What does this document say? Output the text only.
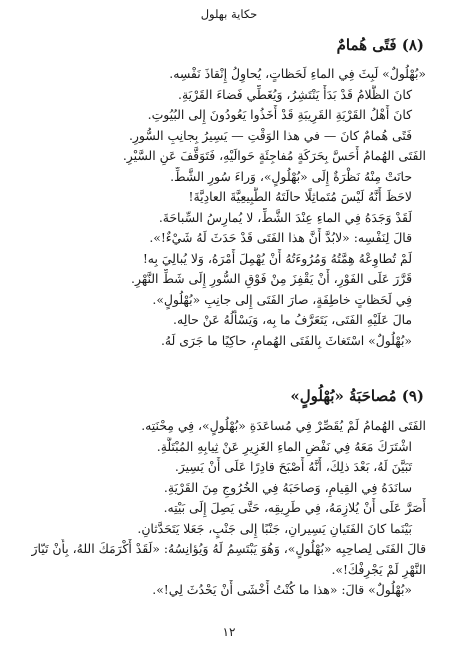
حكاية بهلول
(٨) فَتًى هُمامٌ
«بُهْلُولٌ» لَبِثَ فِي الماءِ لَحَظاتٍ، يُحاوِلُ إِنْقاذَ نَفْسِه.
كانَ الظَّلامُ قَدْ بَدَأَ يَنْتَشِرُ، وَيُغَطِّي فَضاءَ القَرْيَةِ.
كانَ أَهْلُ القَرْيَةِ القَرِيبَةِ قَدْ أَخَذُوا يَعُودُونَ إِلى البُيُوتِ.
فَتًى هُمامٌ كانَ — في هذا الوَقْتِ — يَسِيرُ بِجانِبِ السُّورِ.
الفَتَى الهُمامُ أَحَسَّ بِحَرَكَةٍ مُفاجِئَةٍ حَوالَيْهِ، فَتَوَقَّفَ عَنِ السَّيْرِ.
حانَتْ مِنْهُ نَظْرَةٌ إِلَى «بُهْلُولٍ»، وَراءَ سُورِ الشَّطِّ.
لاحَظَ أَنَّهُ لَيْسَ مُتَماثِلًا حالَتَهُ الطَّبِيعِيَّةَ العادِيَّةَ!
لَقَدْ وَجَدَهُ فِي الماءِ عِنْدَ الشَّطِّ، لا يُمارِسُ السِّباحَةَ.
قالَ لِنَفْسِه: «لابُدَّ أَنَّ هذا الفَتَى قَدْ حَدَثَ لَهُ شَيْءٌ!».
لَمْ تُطاوِعْهُ هِمَّتُهُ وَمُرُوءَتُهُ أَنْ يُهْمِلَ أَمْرَهُ، وَلا يُبالِيَ بِه!
قَرَّرَ عَلَى الفَوْرِ، أَنْ يَقْفِزَ مِنْ فَوْقِ السُّورِ إِلَى شَطِّ النَّهْرِ.
فِي لَحَظاتٍ خاطِفَةٍ، صارَ الفَتَى إِلى جانِبِ «بُهْلُولٍ».
مالَ عَلَيْهِ الفَتَى، يَتَعَرَّفُ ما بِه، وَيَسْأَلُهُ عَنْ حالِه.
«بُهْلُولٌ» اسْتَغاثَ بِالفَتَى الهُمامِ، حاكِيًا ما جَرَى لَهُ.
(٩) مُصاحَبَةُ «بُهْلُولٍ»
الفَتَى الهُمامُ لَمْ يُقَصِّرْ فِي مُساعَدَةِ «بُهْلُولٍ»، فِي مِحْنَتِه.
اشْتَرَكَ مَعَهُ فِي نَفْضِ الماءِ الغَزِيرِ عَنْ ثِيابِهِ المُبْتَلَّةِ.
تَبَيَّنَ لَهُ، بَعْدَ ذلِكَ، أَنَّهُ أَصْبَحَ قادِرًا عَلَى أَنْ يَسِيرَ.
سانَدَهُ فِي القِيامِ، وَصاحَبَهُ فِي الخُرُوجِ مِنَ القَرْيَةِ.
أَصَرَّ عَلَى أَنْ يُلازِمَهُ، فِي طَرِيقِه، حَتَّى يَصِلَ إِلَى بَيْتِه.
بَيْنَما كانَ الفَتَيانِ يَسِيرانِ، جَنْبًا إِلى جَنْبٍ، جَعَلا يَتَحَدَّثانِ.
قالَ الفَتَى لِصاحِبِه «بُهْلُولٍ»، وَهُوَ يَبْتَسِمُ لَهُ وَيُؤانِسُهُ: «لَقَدْ أَكْرَمَكَ اللهُ، بِأَنْ تَيّارَ
النَّهْرِ لَمْ يَجْرِفْكَ!».
«بُهْلُولٌ» قالَ: «هذا ما كُنْتُ أَخْشَى أَنْ يَحْدُثَ لِي!».
١٢
